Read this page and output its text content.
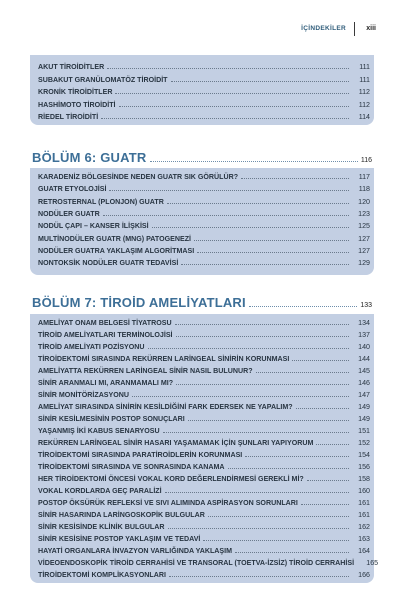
İÇİNDEKİLER	xiii
AKUT TİROİDİTLER	111
SUBAKUT GRANÜLOMATÖZ TİROİDİT	111
KRONİK TİROİDİTLER	112
HASHİMOTO TİROİDİTİ	112
RİEDEL TİROİDİTİ	114
BÖLÜM 6: GUATR	116
KARADENİZ BÖLGESİNDE NEDEN GUATR SIK GÖRÜLÜR?	117
GUATR ETYOLOJİSİ	118
RETROSTERNAL (PLONJON) GUATR	120
NODÜLER GUATR	123
NODÜL ÇAPI – KANSER İLİŞKİSİ	125
MULTİNODÜLER GUATR (MNG) PATOGENEZİ	127
NODÜLER GUATRA YAKLAŞIM ALGORİTMASI	127
NONTOKSİK NODÜLER GUATR TEDAVİSİ	129
BÖLÜM 7: TİROİD AMELİYATLARI	133
AMELİYAT ONAM BELGESİ TİYATROSU	134
TİROİD AMELİYATLARI TERMİNOLOJİSİ	137
TİROİD AMELİYATI POZİSYONU	140
TİROİDEKTOMİ SIRASINDA REKÜRREN LARİNGEAL SİNİRİN KORUNMASI	144
AMELİYATTA REKÜRREN LARİNGEAL SİNİR NASIL BULUNUR?	145
SİNİR ARANMALI MI, ARANMAMALI MI?	146
SİNİR MONİTÖRİZASYONU	147
AMELİYAT SIRASINDA SİNİRİN KESİLDİĞİNİ FARK EDERSEK NE YAPALIM?	149
SİNİR KESİLMESİNİN POSTOP SONUÇLARI	149
YAŞANMIŞ İKİ KABUS SENARYOSU	151
REKÜRREN LARİNGEAL SİNİR HASARI YAŞAMAMAK İÇİN ŞUNLARI YAPIYORUM	152
TİROİDEKTOMİ SIRASINDA PARATİROİDLERİN KORUNMASI	154
TİROİDEKTOMİ SIRASINDA VE SONRASINDA KANAMA	156
HER TİROİDEKTOMİ ÖNCESİ VOKAL KORD DEĞERLENDİRMESİ GEREKLİ Mİ?	158
VOKAL KORDLARDA GEÇ PARALİZİ	160
POSTOP ÖKSÜRÜK REFLEKSİ VE SIVI ALIMINDA ASPİRASYON SORUNLARI	161
SİNİR HASARINDA LARİNGOSKOPİK BULGULAR	161
SİNİR KESİSİNDE KLİNİK BULGULAR	162
SİNİR KESİSİNE POSTOP YAKLAŞIM VE TEDAVİ	163
HAYATİ ORGANLARA İNVAZYON VARLIĞINDA YAKLAŞIM	164
VİDEOENDOSKOPİK TİROİD CERRAHİSİ VE TRANSORAL (TOETVA-İZSİZ) TİROİD CERRAHİSİ	165
TİROİDEKTOMİ KOMPLİKASYONLARI	166
